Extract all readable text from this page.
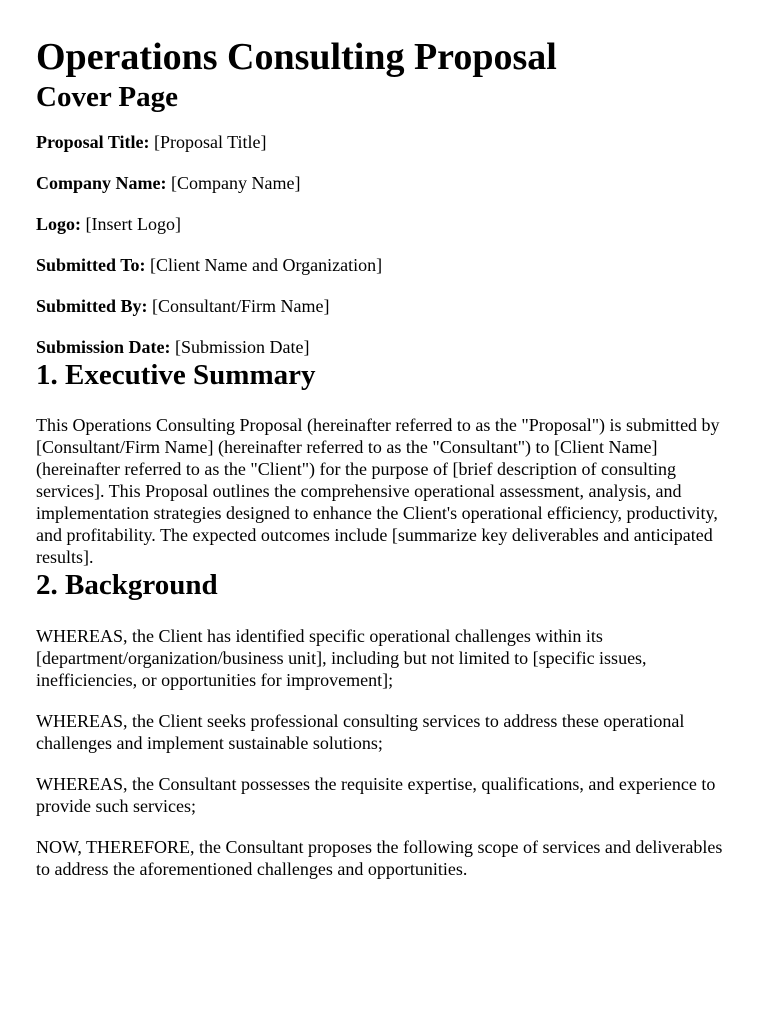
Operations Consulting Proposal
Cover Page

Proposal Title: [Proposal Title]

Company Name: [Company Name]

Logo: [Insert Logo]

Submitted To: [Client Name and Organization]

Submitted By: [Consultant/Firm Name]

Submission Date: [Submission Date]

1. Executive Summary

This Operations Consulting Proposal (hereinafter referred to as the "Proposal") is submitted by [Consultant/Firm Name] (hereinafter referred to as the "Consultant") to [Client Name] (hereinafter referred to as the "Client") for the purpose of [brief description of consulting services]. This Proposal outlines the comprehensive operational assessment, analysis, and implementation strategies designed to enhance the Client's operational efficiency, productivity, and profitability. The expected outcomes include [summarize key deliverables and anticipated results].

2. Background

WHEREAS, the Client has identified specific operational challenges within its [department/organization/business unit], including but not limited to [specific issues, inefficiencies, or opportunities for improvement];

WHEREAS, the Client seeks professional consulting services to address these operational challenges and implement sustainable solutions;

WHEREAS, the Consultant possesses the requisite expertise, qualifications, and experience to provide such services;

NOW, THEREFORE, the Consultant proposes the following scope of services and deliverables to address the aforementioned challenges and opportunities.
